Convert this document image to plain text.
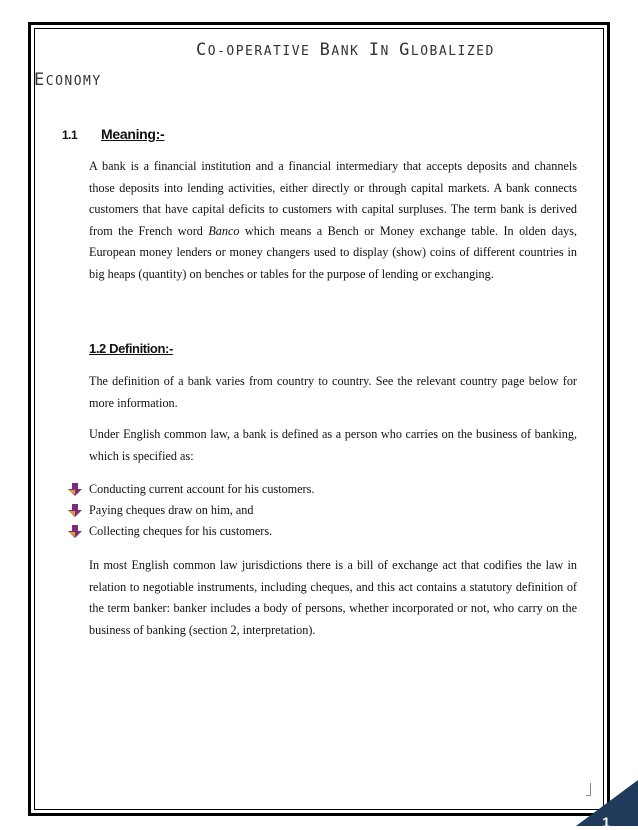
CO-OPERATIVE BANK IN GLOBALIZED
ECONOMY
1.1 Meaning:-

A bank is a financial institution and a financial intermediary that accepts deposits and channels those deposits into lending activities, either directly or through capital markets. A bank connects customers that have capital deficits to customers with capital surpluses. The term bank is derived from the French word Banco which means a Bench or Money exchange table. In olden days, European money lenders or money changers used to display (show) coins of different countries in big heaps (quantity) on benches or tables for the purpose of lending or exchanging.

1.2 Definition:-

The definition of a bank varies from country to country. See the relevant country page below for more information.

Under English common law, a bank is defined as a person who carries on the business of banking, which is specified as:

Conducting current account for his customers.
Paying cheques draw on him, and
Collecting cheques for his customers.

In most English common law jurisdictions there is a bill of exchange act that codifies the law in relation to negotiable instruments, including cheques, and this act contains a statutory definition of the term banker: banker includes a body of persons, whether incorporated or not, who carry on the business of banking (section 2, interpretation).

1
